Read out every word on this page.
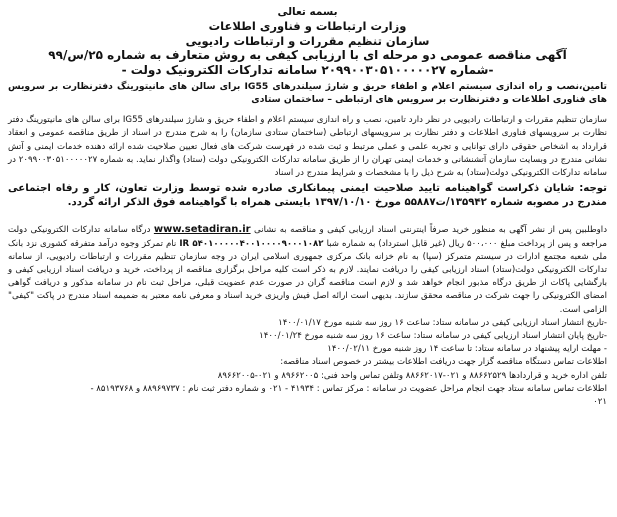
بسمه تعالی

وزارت ارتباطات و فناوری اطلاعات

سازمان تنظیم مقررات و ارتباطات رادیویی

آگهی مناقصه عمومی دو مرحله ای با ارزیابی کیفی به روش متعارف به شماره ۲۵/س/۹۹

-شماره ۲۰۹۹۰۰۳۰۵۱۰۰۰۰۰۲۷ سامانه تدارکات الکترونیک دولت -

تامین،نصب و راه اندازی سیستم اعلام و اطفاء حریق و شارژ سیلندرهای IG55 برای سالن های مانیتورینگ دفترنظارت بر سرویس های فناوری اطلاعات و دفترنظارت بر سرویس های ارتباطی – ساختمان ستادی

سازمان تنظیم مقررات و ارتباطات رادیویی در نظر دارد تامین، نصب و راه اندازی سیستم اعلام و اطفاء حریق و شارژ سیلندرهای IG55 برای سالن های مانیتورینگ دفتر نظارت بر سرویسهای فناوری اطلاعات و دفتر نظارت بر سرویسهای ارتباطی (ساختمان ستادی سازمان) را به شرح مندرج در اسناد از طریق مناقصه عمومی و انعقاد قرارداد به اشخاص حقوقی دارای توانایی و تجربه علمی و عملی مرتبط و ثبت شده در فهرست شرکت های فعال تعیین صلاحیت شده ارائه دهنده خدمات ایمنی و آتش نشانی مندرج در وبسایت سازمان آتشنشانی و خدمات ایمنی تهران را از طریق سامانه تدارکات الکترونیکی دولت (ستاد) واگذار نماید. به شماره ۲۰۹۹۰۰۳۰۵۱۰۰۰۰۰۲۷ در سامانه تدارکات الکترونیکی دولت(ستاد) به شرح ذیل را با مشخصات و شرایط مندرج در اسناد

توجه: شایان ذکراست گواهینامه تایید صلاحیت ایمنی پیمانکاری صادره شده توسط وزارت تعاون، کار و رفاه اجتماعی مندرج در مصوبه شماره ۱۳۵۹۴۲/ت۵۵۸۸۷ مورخ ۱۳۹۷/۱۰/۱۰ بایستی همراه با گواهینامه فوق الذکر ارائه گردد.

داوطلبین پس از نشر آگهی به منظور خرید صرفاً اینترنتی اسناد ارزیابی کیفی و مناقصه به نشانی www.setadiran.ir درگاه سامانه تدارکات الکترونیکی دولت مراجعه و پس از پرداخت مبلغ ۵۰۰،۰۰۰ ریال (غیر قابل استرداد) به شماره شبا IR ۵۴۰۱۰۰۰۰۰۴۰۰۱۰۰۰۰۹۰۰۰۱۰۸۲ نام تمرکز وجوه درآمد متفرقه کشوری نزد بانک ملی شعبه مجتمع ادارات در سیستم متمرکز (سپا) به نام خزانه بانک مرکزی جمهوری اسلامی ایران در وجه سازمان تنظیم مقررات و ارتباطات رادیویی، از سامانه تدارکات الکترونیکی دولت(ستاد) اسناد ارزیابی کیفی را دریافت نمایند. لازم به ذکر است کلیه مراحل برگزاری مناقصه از پرداخت، خرید و دریافت اسناد ارزیابی کیفی و بارگشایی پاکات از طریق درگاه مذبور انجام خواهد شد و لازم است مناقصه گران در صورت عدم عضویت قبلی، مراحل ثبت نام در سامانه مذکور و دریافت گواهی امضای الکترونیکی را جهت شرکت در مناقصه محقق سازند. بدیهی است ارائه اصل فیش واریزی خرید اسناد و معرفی نامه معتبر به ضمیمه اسناد مندرج در پاکت "کیفی" الزامی است.

-تاریخ انتشار اسناد ارزیابی کیفی در سامانه ستاد: ساعت ۱۶ روز سه شنبه مورخ ۱۴۰۰/۰۱/۱۷
-تاریخ پایان انتشار اسناد ارزیابی کیفی در سامانه ستاد: ساعت ۱۶ روز سه شنبه مورخ ۱۴۰۰/۰۱/۲۴
- مهلت ارایه پیشنهاد در سامانه ستاد: تا ساعت ۱۴ روز شنبه مورخ ۱۴۰۰/۰۲/۱۱

اطلاعات تماس دستگاه مناقصه گزار جهت دریافت اطلاعات بیشتر در خصوص اسناد مناقصه:

تلفن اداره خرید و قراردادها ۸۸۶۶۲۵۲۹ و ۰۲۱-۸۸۶۶۲۰۱۷ وتلفن تماس واحد فنی: ۸۹۶۶۲۰۰۵ و ۰۲۱-۸۹۶۶۲۰۰۵

اطلاعات تماس سامانه ستاد جهت انجام مراحل عضویت در سامانه : مرکز تماس : ۴۱۹۳۴ - ۰۲۱ و شماره دفتر ثبت نام : ۸۸۹۶۹۷۳۷ و ۸۵۱۹۳۷۶۸ -

۰۲۱
